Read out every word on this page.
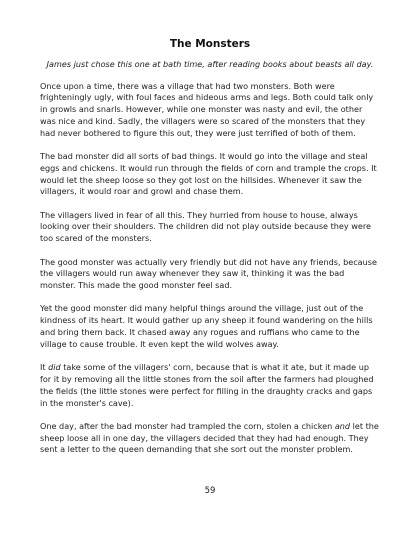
The Monsters

James just chose this one at bath time, after reading books about beasts all day.

Once upon a time, there was a village that had two monsters. Both were frighteningly ugly, with foul faces and hideous arms and legs. Both could talk only in growls and snarls. However, while one monster was nasty and evil, the other was nice and kind. Sadly, the villagers were so scared of the monsters that they had never bothered to figure this out, they were just terrified of both of them.

The bad monster did all sorts of bad things. It would go into the village and steal eggs and chickens. It would run through the fields of corn and trample the crops. It would let the sheep loose so they got lost on the hillsides. Whenever it saw the villagers, it would roar and growl and chase them.

The villagers lived in fear of all this. They hurried from house to house, always looking over their shoulders. The children did not play outside because they were too scared of the monsters.

The good monster was actually very friendly but did not have any friends, because the villagers would run away whenever they saw it, thinking it was the bad monster. This made the good monster feel sad.

Yet the good monster did many helpful things around the village, just out of the kindness of its heart. It would gather up any sheep it found wandering on the hills and bring them back. It chased away any rogues and ruffians who came to the village to cause trouble. It even kept the wild wolves away.

It did take some of the villagers' corn, because that is what it ate, but it made up for it by removing all the little stones from the soil after the farmers had ploughed the fields (the little stones were perfect for filling in the draughty cracks and gaps in the monster's cave).

One day, after the bad monster had trampled the corn, stolen a chicken and let the sheep loose all in one day, the villagers decided that they had had enough. They sent a letter to the queen demanding that she sort out the monster problem.

59
